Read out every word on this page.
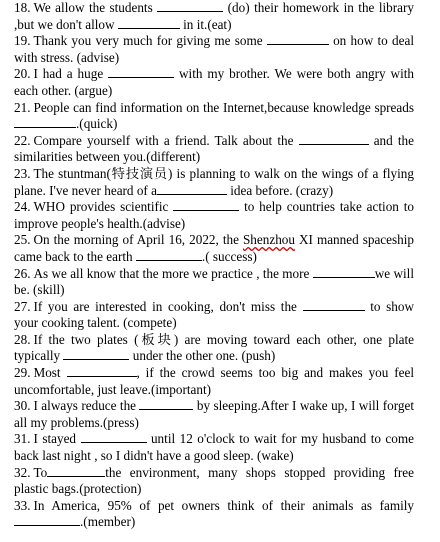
18. We allow the students	(do) their homework in the library ,but we don't allow	in it.(eat)

19. Thank you very much for giving me some	on how to deal with stress. (advise)

20. I had a huge	with my brother. We were both angry with each other. (argue)

21. People can find information on the Internet,because knowledge spreads .(quick)

22. Compare yourself with a friend. Talk about the	and the similarities between you.(different)

23. The stuntman(特技演员) is planning to walk on the wings of a flying plane. I've never heard of a	idea before. (crazy)

24. WHO provides scientific	to help countries take action to improve people's health.(advise)

25. On the morning of April 16, 2022, the Shenzhou XI manned spaceship came back to the earth	.( success)

26. As we all know that the more we practice , the more	we will be. (skill)

27. If you are interested in cooking, don't miss the	to show your cooking talent. (compete)

28. If the two plates (板块) are moving toward each other, one plate typically	under the other one. (push)

29. Most	, if the crowd seems too big and makes you feel uncomfortable, just leave.(important)

30. I always reduce the	by sleeping.After I wake up, I will forget all my problems.(press)

31. I stayed	until 12 o'clock to wait for my husband to come back last night , so I didn't have a good sleep. (wake)

32. To	the environment, many shops stopped providing free plastic bags.(protection)

33. In America, 95% of pet owners think of their animals as family .(member)
